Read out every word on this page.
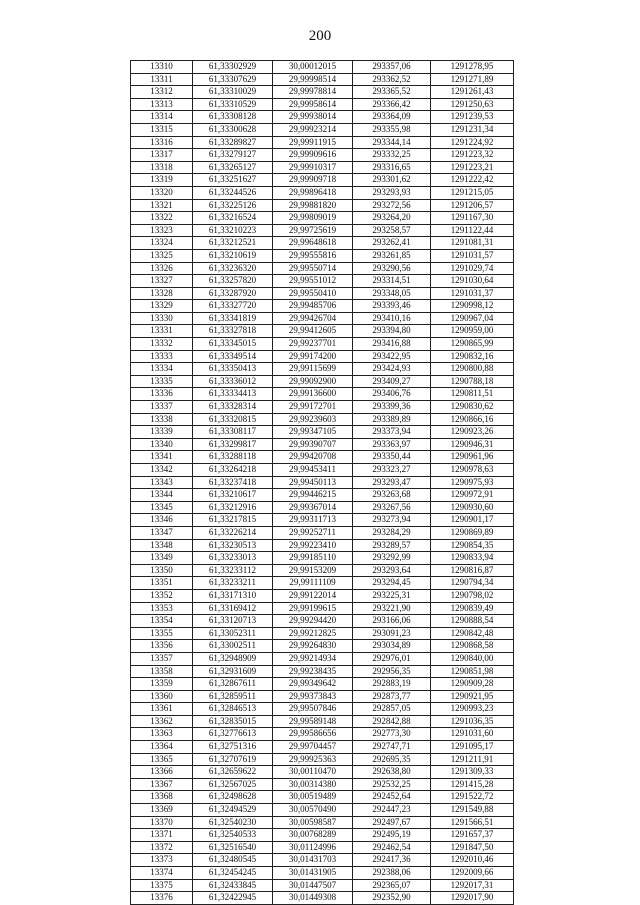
200
13310	61,33302929	30,00012015	293357,06	1291278,95
13311	61,33307629	29,99998514	293362,52	1291271,89
13312	61,33310029	29,99978814	293365,52	1291261,43
13313	61,33310529	29,99958614	293366,42	1291250,63
13314	61,33308128	29,99938014	293364,09	1291239,53
13315	61,33300628	29,99923214	293355,98	1291231,34
13316	61,33289827	29,99911915	293344,14	1291224,92
13317	61,33279127	29,99909616	293332,25	1291223,32
13318	61,33265127	29,99910317	293316,65	1291223,21
13319	61,33251627	29,99909718	293301,62	1291222,42
13320	61,33244526	29,99896418	293293,93	1291215,05
13321	61,33225126	29,99881820	293272,56	1291206,57
13322	61,33216524	29,99809019	293264,20	1291167,30
13323	61,33210223	29,99725619	293258,57	1291122,44
13324	61,33212521	29,99648618	293262,41	1291081,31
13325	61,33210619	29,99555816	293261,85	1291031,57
13326	61,33236320	29,99550714	293290,56	1291029,74
13327	61,33257820	29,99551012	293314,51	1291030,64
13328	61,33287920	29,99550410	293348,05	1291031,37
13329	61,33327720	29,99485706	293393,46	1290998,12
13330	61,33341819	29,99426704	293410,16	1290967,04
13331	61,33327818	29,99412605	293394,80	1290959,00
13332	61,33345015	29,99237701	293416,88	1290865,99
13333	61,33349514	29,99174200	293422,95	1290832,16
13334	61,33350413	29,99115699	293424,93	1290800,88
13335	61,33336012	29,99092900	293409,27	1290788,18
13336	61,33334413	29,99136600	293406,76	1290811,51
13337	61,33328314	29,99172701	293399,36	1290830,62
13338	61,33320815	29,99239603	293389,89	1290866,16
13339	61,33308117	29,99347105	293373,94	1290923,26
13340	61,33299817	29,99390707	293363,97	1290946,31
13341	61,33288118	29,99420708	293350,44	1290961,96
13342	61,33264218	29,99453411	293323,27	1290978,63
13343	61,33237418	29,99450113	293293,47	1290975,93
13344	61,33210617	29,99446215	293263,68	1290972,91
13345	61,33212916	29,99367014	293267,56	1290930,60
13346	61,33217815	29,99311713	293273,94	1290901,17
13347	61,33226214	29,99252711	293284,29	1290869,89
13348	61,33230513	29,99223410	293289,57	1290854,35
13349	61,33233013	29,99185110	293292,99	1290833,94
13350	61,33233112	29,99153209	293293,64	1290816,87
13351	61,33233211	29,99111109	293294,45	1290794,34
13352	61,33171310	29,99122014	293225,31	1290798,02
13353	61,33169412	29,99199615	293221,90	1290839,49
13354	61,33120713	29,99294420	293166,06	1290888,54
13355	61,33052311	29,99212825	293091,23	1290842,48
13356	61,33002511	29,99264830	293034,89	1290868,58
13357	61,32948909	29,99214934	292976,01	1290840,00
13358	61,32931609	29,99238435	292956,35	1290851,98
13359	61,32867611	29,99349642	292883,19	1290909,28
13360	61,32859511	29,99373843	292873,77	1290921,95
13361	61,32846513	29,99507846	292857,05	1290993,23
13362	61,32835015	29,99589148	292842,88	1291036,35
13363	61,32776613	29,99586656	292773,30	1291031,60
13364	61,32751316	29,99704457	292747,71	1291095,17
13365	61,32707619	29,99925363	292695,35	1291211,91
13366	61,32659622	30,00110470	292638,80	1291309,33
13367	61,32567025	30,00314380	292532,25	1291415,28
13368	61,32498628	30,00519489	292452,64	1291522,72
13369	61,32494529	30,00570490	292447,23	1291549,88
13370	61,32540230	30,00598587	292497,67	1291566,51
13371	61,32540533	30,00768289	292495,19	1291657,37
13372	61,32516540	30,01124996	292462,54	1291847,50
13373	61,32480545	30,01431703	292417,36	1292010,46
13374	61,32454245	30,01431905	292388,06	1292009,66
13375	61,32433845	30,01447507	292365,07	1292017,31
13376	61,32422945	30,01449308	292352,90	1292017,90
